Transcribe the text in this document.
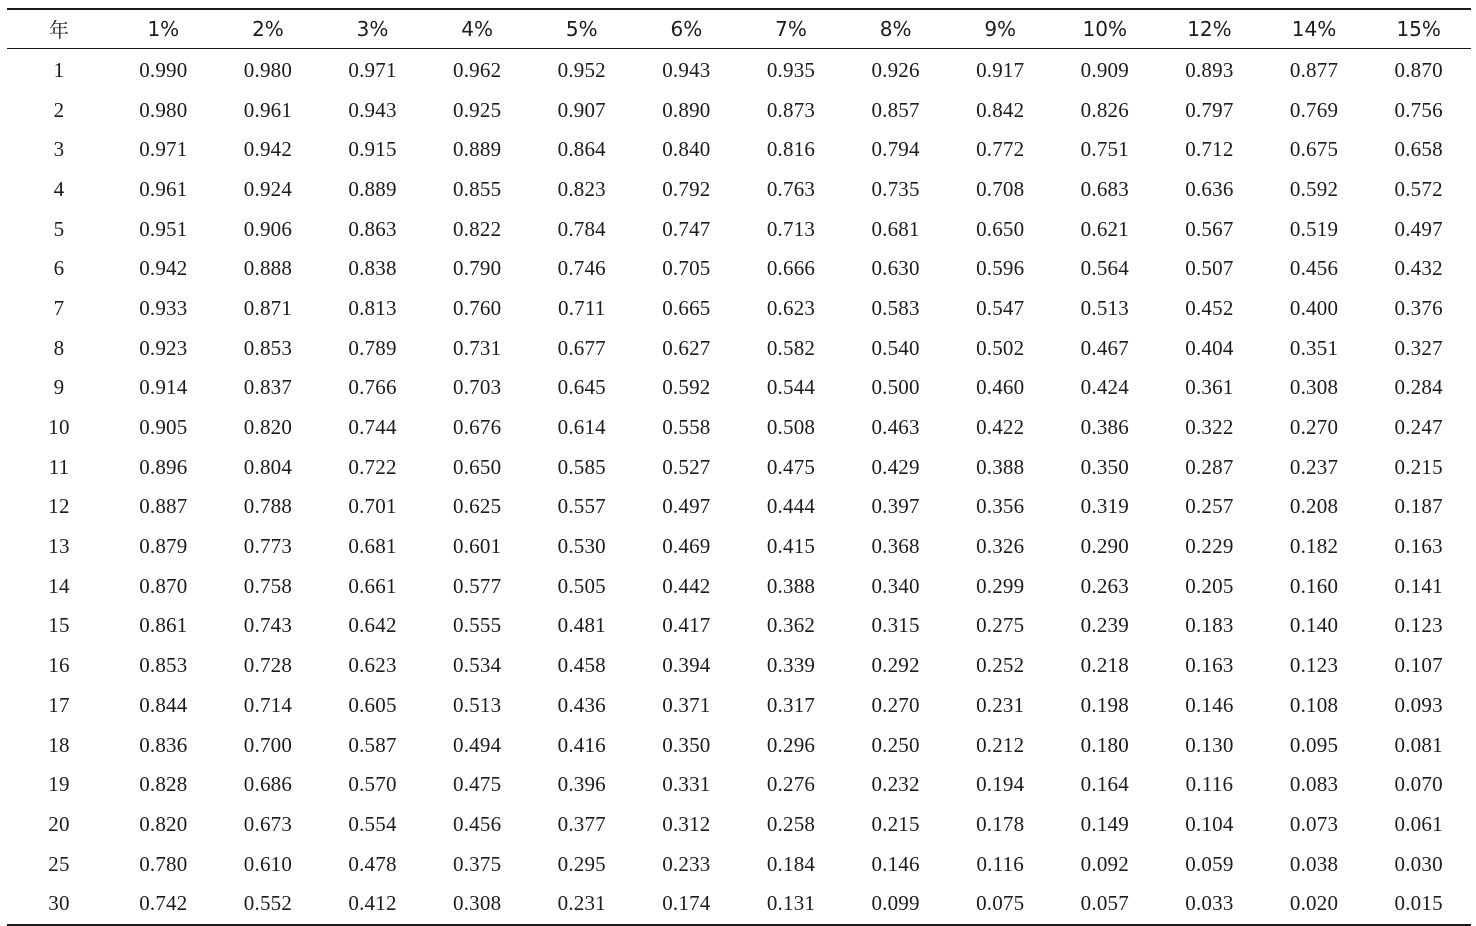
年	1%	2%	3%	4%	5%	6%	7%	8%	9%	10%	12%	14%	15%
1	0.990	0.980	0.971	0.962	0.952	0.943	0.935	0.926	0.917	0.909	0.893	0.877	0.870
2	0.980	0.961	0.943	0.925	0.907	0.890	0.873	0.857	0.842	0.826	0.797	0.769	0.756
3	0.971	0.942	0.915	0.889	0.864	0.840	0.816	0.794	0.772	0.751	0.712	0.675	0.658
4	0.961	0.924	0.889	0.855	0.823	0.792	0.763	0.735	0.708	0.683	0.636	0.592	0.572
5	0.951	0.906	0.863	0.822	0.784	0.747	0.713	0.681	0.650	0.621	0.567	0.519	0.497
6	0.942	0.888	0.838	0.790	0.746	0.705	0.666	0.630	0.596	0.564	0.507	0.456	0.432
7	0.933	0.871	0.813	0.760	0.711	0.665	0.623	0.583	0.547	0.513	0.452	0.400	0.376
8	0.923	0.853	0.789	0.731	0.677	0.627	0.582	0.540	0.502	0.467	0.404	0.351	0.327
9	0.914	0.837	0.766	0.703	0.645	0.592	0.544	0.500	0.460	0.424	0.361	0.308	0.284
10	0.905	0.820	0.744	0.676	0.614	0.558	0.508	0.463	0.422	0.386	0.322	0.270	0.247
11	0.896	0.804	0.722	0.650	0.585	0.527	0.475	0.429	0.388	0.350	0.287	0.237	0.215
12	0.887	0.788	0.701	0.625	0.557	0.497	0.444	0.397	0.356	0.319	0.257	0.208	0.187
13	0.879	0.773	0.681	0.601	0.530	0.469	0.415	0.368	0.326	0.290	0.229	0.182	0.163
14	0.870	0.758	0.661	0.577	0.505	0.442	0.388	0.340	0.299	0.263	0.205	0.160	0.141
15	0.861	0.743	0.642	0.555	0.481	0.417	0.362	0.315	0.275	0.239	0.183	0.140	0.123
16	0.853	0.728	0.623	0.534	0.458	0.394	0.339	0.292	0.252	0.218	0.163	0.123	0.107
17	0.844	0.714	0.605	0.513	0.436	0.371	0.317	0.270	0.231	0.198	0.146	0.108	0.093
18	0.836	0.700	0.587	0.494	0.416	0.350	0.296	0.250	0.212	0.180	0.130	0.095	0.081
19	0.828	0.686	0.570	0.475	0.396	0.331	0.276	0.232	0.194	0.164	0.116	0.083	0.070
20	0.820	0.673	0.554	0.456	0.377	0.312	0.258	0.215	0.178	0.149	0.104	0.073	0.061
25	0.780	0.610	0.478	0.375	0.295	0.233	0.184	0.146	0.116	0.092	0.059	0.038	0.030
30	0.742	0.552	0.412	0.308	0.231	0.174	0.131	0.099	0.075	0.057	0.033	0.020	0.015
